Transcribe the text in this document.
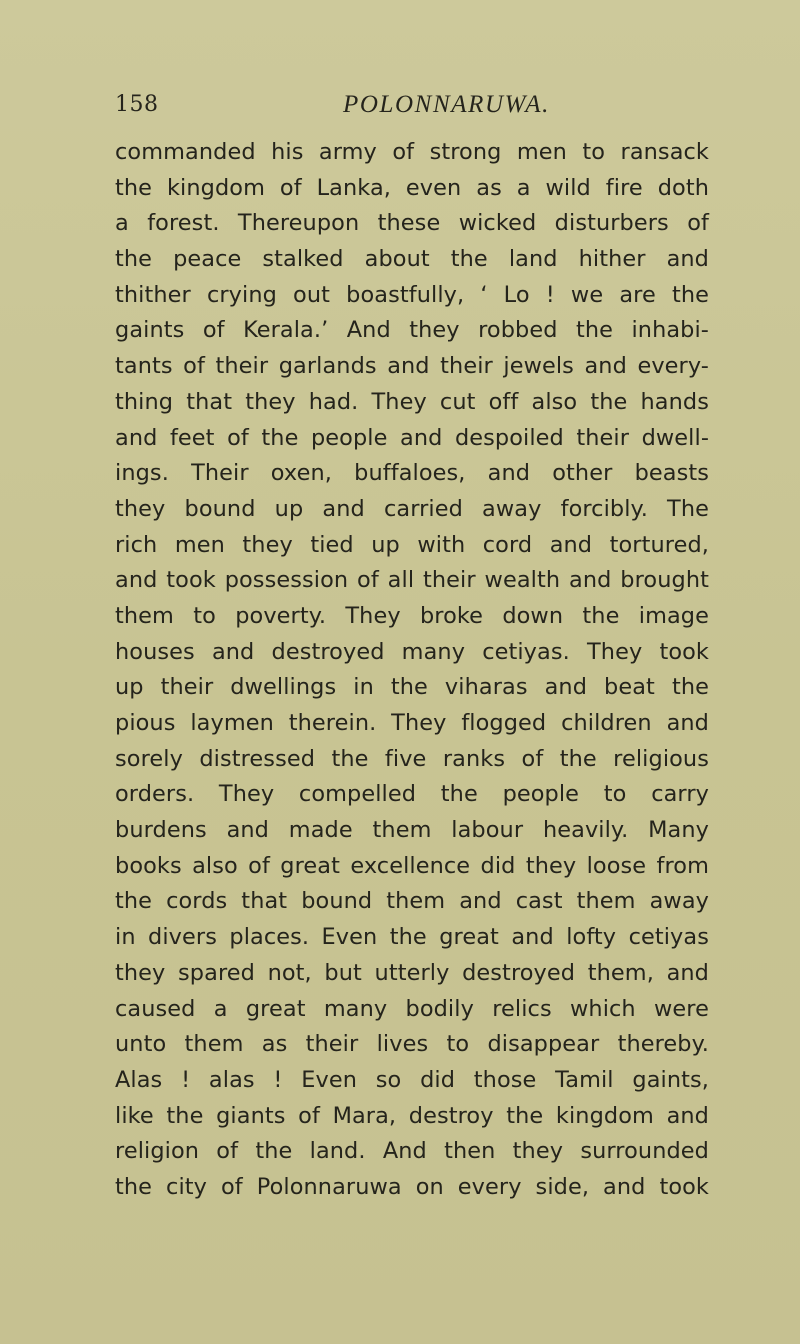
158	POLONNARUWA.
commanded his army of strong men to ransack
the kingdom of Lanka, even as a wild fire doth
a forest. Thereupon these wicked disturbers of
the peace stalked about the land hither and
thither crying out boastfully, ‘ Lo ! we are the
gaints of Kerala.’ And they robbed the inhabi-
tants of their garlands and their jewels and every-
thing that they had. They cut off also the hands
and feet of the people and despoiled their dwell-
ings. Their oxen, buffaloes, and other beasts
they bound up and carried away forcibly. The
rich men they tied up with cord and tortured,
and took possession of all their wealth and brought
them to poverty. They broke down the image
houses and destroyed many cetiyas. They took
up their dwellings in the viharas and beat the
pious laymen therein. They flogged children and
sorely distressed the five ranks of the religious
orders. They compelled the people to carry
burdens and made them labour heavily. Many
books also of great excellence did they loose from
the cords that bound them and cast them away
in divers places. Even the great and lofty cetiyas
they spared not, but utterly destroyed them, and
caused a great many bodily relics which were
unto them as their lives to disappear thereby.
Alas ! alas ! Even so did those Tamil gaints,
like the giants of Mara, destroy the kingdom and
religion of the land. And then they surrounded
the city of Polonnaruwa on every side, and took
